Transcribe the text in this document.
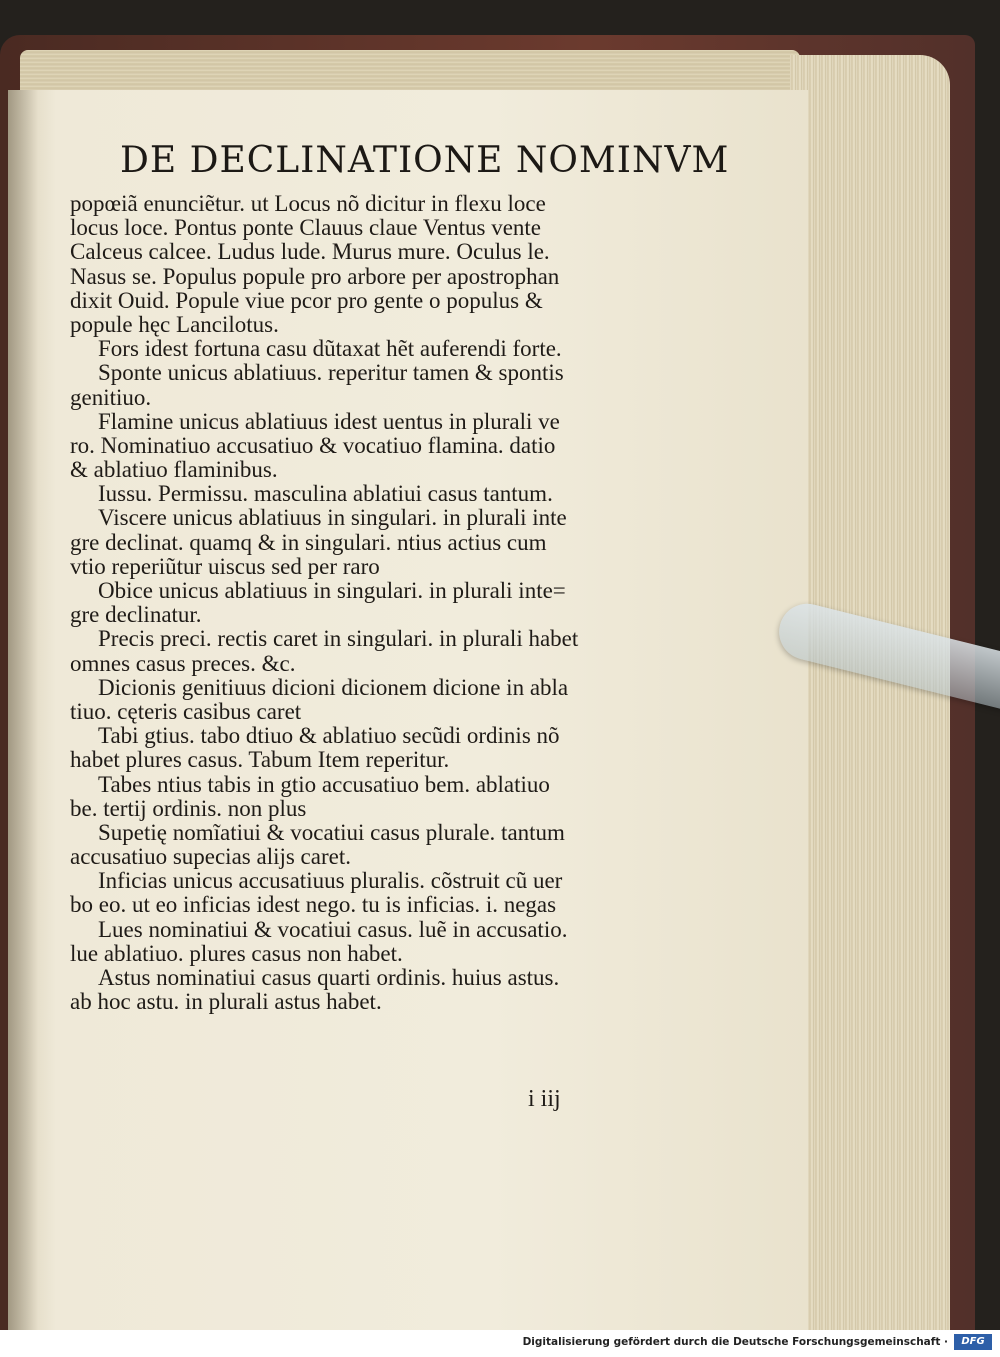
DE DECLINATIONE NOMINVM
popœiã enunciẽtur. ut Locus nõ dicitur in flexu loce
locus loce. Pontus ponte Clauus claue Ventus vente
Calceus calcee. Ludus lude. Murus mure. Oculus le.
Nasus se. Populus popule pro arbore per apostrophan
dixit Ouid. Popule viue pcor pro gente o populus &
popule hęc Lancilotus.
Fors idest fortuna casu dũtaxat hẽt auferendi forte.
Sponte unicus ablatiuus. reperitur tamen & spontis
genitiuo.
Flamine unicus ablatiuus idest uentus in plurali ve
ro. Nominatiuo accusatiuo & vocatiuo flamina. datio
& ablatiuo flaminibus.
Iussu. Permissu. masculina ablatiui casus tantum.
Viscere unicus ablatiuus in singulari. in plurali inte
gre declinat. quamq & in singulari. ntius actius cum
vtio reperiũtur uiscus sed per raro
Obice unicus ablatiuus in singulari. in plurali inte=
gre declinatur.
Precis preci. rectis caret in singulari. in plurali habet
omnes casus preces. &c.
Dicionis genitiuus dicioni dicionem dicione in abla
tiuo. cęteris casibus caret
Tabi gtius. tabo dtiuo & ablatiuo secũdi ordinis nõ
habet plures casus. Tabum Item reperitur.
Tabes ntius tabis in gtio accusatiuo bem. ablatiuo
be. tertij ordinis. non plus
Supetię nomĩatiui & vocatiui casus plurale. tantum
accusatiuo supecias alijs caret.
Inficias unicus accusatiuus pluralis. cõstruit cũ uer
bo eo. ut eo inficias idest nego. tu is inficias. i. negas
Lues nominatiui & vocatiui casus. luẽ in accusatio.
lue ablatiuo. plures casus non habet.
Astus nominatiui casus quarti ordinis. huius astus.
ab hoc astu. in plurali astus habet.
i iij
Digitalisierung gefördert durch die Deutsche Forschungsgemeinschaft ·	DFG
